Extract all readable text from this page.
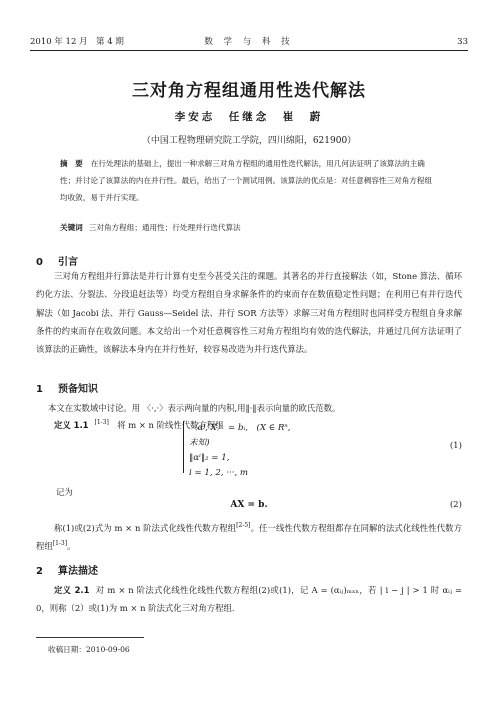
2010 年 12 月　第 4 期	数 学 与 科 技	33
三对角方程组通用性迭代解法
李安志　任继念　崔　蔚
（中国工程物理研究院工学院，四川绵阳，621900）
摘　要 在行处理法的基础上，提出一种求解三对角方程组的通用性迭代解法，用几何法证明了该算法的主确性；并讨论了该算法的内在并行性。最后，给出了一个测试用例。该算法的优点是：对任意稠容性三对角方程组均收敛，易于并行实现。
关键词 三对角方程组；通用性；行处理并行迭代算法
0 引言
三对角方程组并行算法是并行计算有史至今甚受关注的课题。其著名的并行直接解法（如，Stone 算法、循环约化方法、分裂法、分段追赶法等）均受方程组自身求解条件的约束而存在数值稳定性问题；在利用已有并行迭代解法（如 Jacobi 法、并行 Gauss—Seidel 法、并行 SOR 方法等）求解三对角方程组时也同样受方程组自身求解条件的约束而存在收敛问题。本文给出一个对任意稠容性三对角方程组均有效的迭代解法，并通过几何方法证明了该算法的正确性，该解法本身内在并行性好，较容易改造为并行迭代算法。
1 预备知识
本文在实数域中讨论。用 〈·,·〉表示两向量的内积,用‖·‖表示向量的欧氏范数。
定义 1.1 [1-3]　 将 m × n 阶线性代数方程组
〈αⁱ, X〉 = bᵢ,　(X ∈ Rⁿ, 未知)
‖αⁱ‖₂ = 1,
i = 1, 2, ···, m
(1)
记为
AX = b.	(2)
称(1)或(2)式为 m × n 阶法式化线性代数方程组[2-5]。任一线性代数方程组都存在同解的法式化线性性代数方程组[1-3]。
2 算法描述
定义 2.1 对 m × n 阶法式化线性化线性代数方程组(2)或(1)，记 A = (αᵢⱼ)ₘₓₙ，若 | i − j | > 1 时 αᵢⱼ = 0，则称（2）或(1)为 m × n 阶法式化三对角方程组.
收稿日期：2010-09-06
